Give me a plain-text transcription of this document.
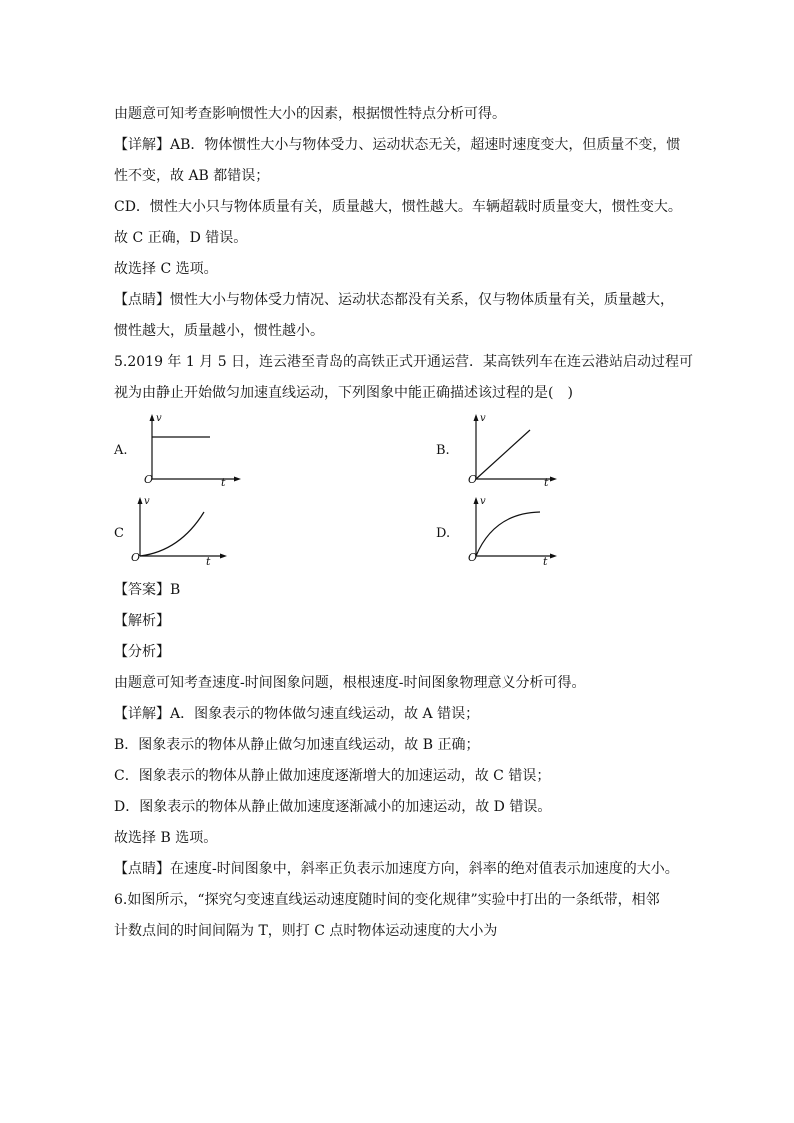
由题意可知考查影响惯性大小的因素，根据惯性特点分析可得。
【详解】AB．物体惯性大小与物体受力、运动状态无关，超速时速度变大，但质量不变，惯
性不变，故 AB 都错误；
CD．惯性大小只与物体质量有关，质量越大，惯性越大。车辆超载时质量变大，惯性变大。
故 C 正确，D 错误。
故选择 C 选项。
【点睛】惯性大小与物体受力情况、运动状态都没有关系，仅与物体质量有关，质量越大，
惯性越大，质量越小，惯性越小。
5.2019 年 1 月 5 日，连云港至青岛的高铁正式开通运营．某高铁列车在连云港站启动过程可
视为由静止开始做匀加速直线运动，下列图象中能正确描述该过程的是(　)
A.
v
t
O
B.
v
t
O
C
v
t
O
D.
v
t
O
【答案】B
【解析】
【分析】
由题意可知考查速度-时间图象问题，根根速度-时间图象物理意义分析可得。
【详解】A．图象表示的物体做匀速直线运动，故 A 错误；
B．图象表示的物体从静止做匀加速直线运动，故 B 正确；
C．图象表示的物体从静止做加速度逐渐增大的加速运动，故 C 错误；
D．图象表示的物体从静止做加速度逐渐减小的加速运动，故 D 错误。
故选择 B 选项。
【点睛】在速度-时间图象中，斜率正负表示加速度方向，斜率的绝对值表示加速度的大小。
6.如图所示，“探究匀变速直线运动速度随时间的变化规律”实验中打出的一条纸带，相邻
计数点间的时间间隔为 T，则打 C 点时物体运动速度的大小为
